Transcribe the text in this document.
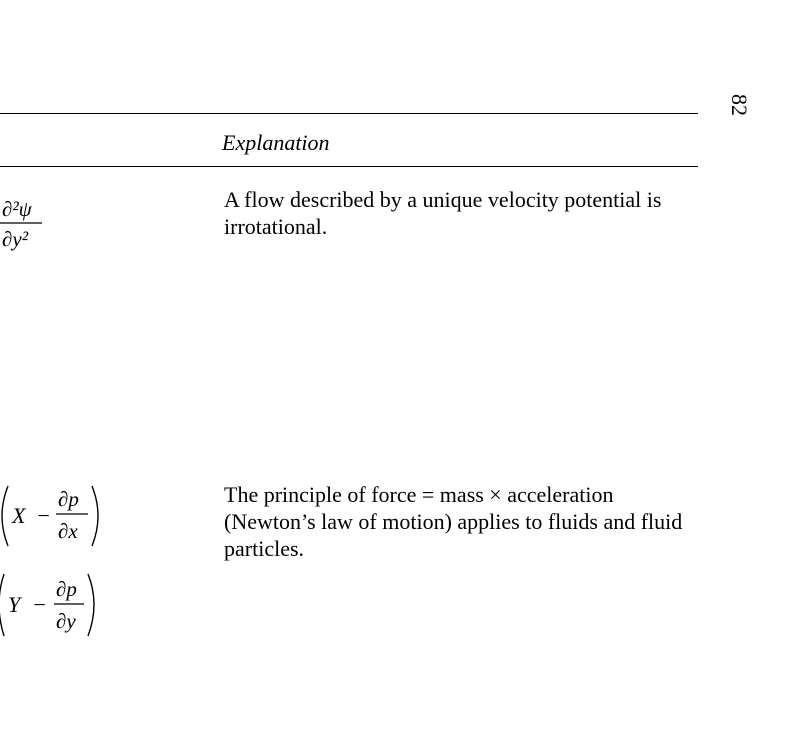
82
Explanation
∂²ψ
∂y²
A flow described by a unique velocity potential is irrotational.
X −
∂p
∂x
Y −
∂p
∂y
The principle of force = mass × acceleration (Newton’s law of motion) applies to fluids and fluid particles.
